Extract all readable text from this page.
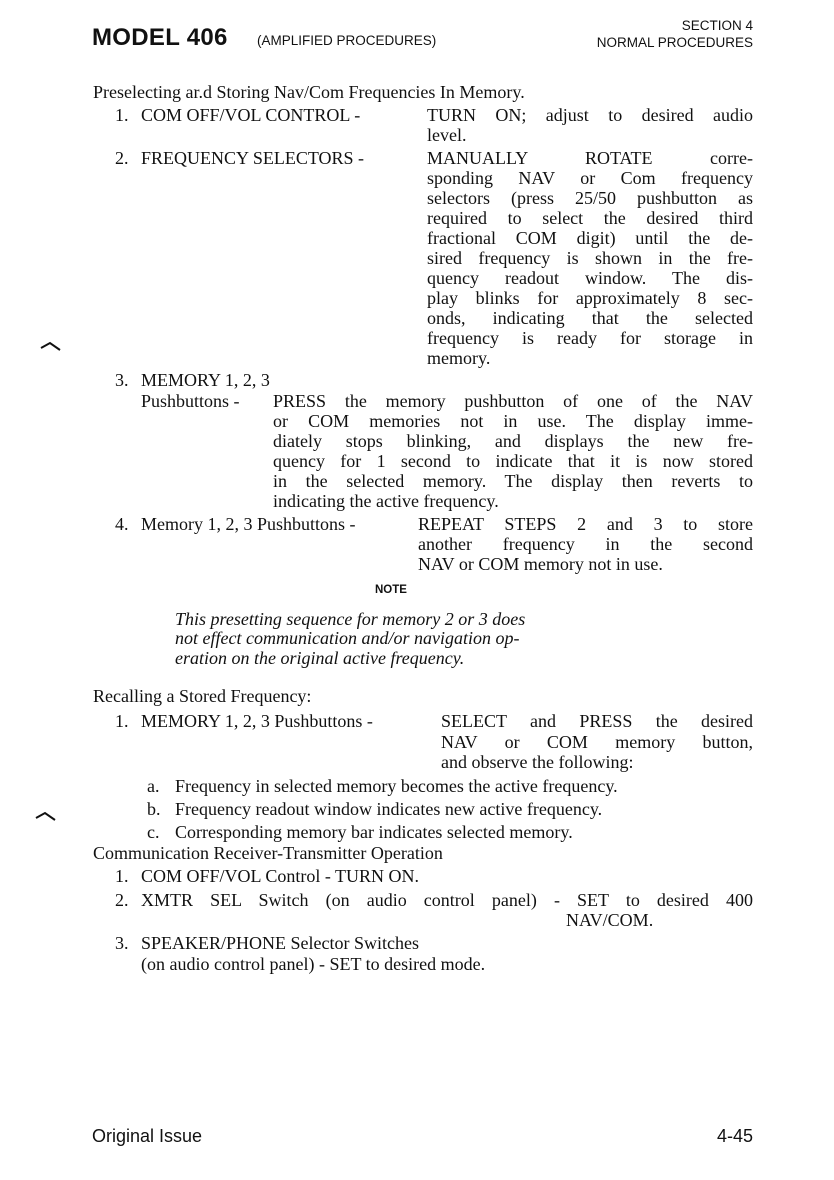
MODEL 406 (AMPLIFIED PROCEDURES)
SECTION 4
NORMAL PROCEDURES
Preselecting ar.d Storing Nav/Com Frequencies In Memory.
1. COM OFF/VOL CONTROL -	TURN ON; adjust to desired audio
level.
2. FREQUENCY SELECTORS -	MANUALLY ROTATE corre-
sponding NAV or Com frequency
selectors (press 25/50 pushbutton as
required to select the desired third
fractional COM digit) until the de-
sired frequency is shown in the fre-
quency readout window. The dis-
play blinks for approximately 8 sec-
onds, indicating that the selected
frequency is ready for storage in
memory.
3. MEMORY 1, 2, 3
Pushbuttons - PRESS the memory pushbutton of one of the NAV
or COM memories not in use. The display imme-
diately stops blinking, and displays the new fre-
quency for 1 second to indicate that it is now stored
in the selected memory. The display then reverts to
indicating the active frequency.
4. Memory 1, 2, 3 Pushbuttons -	REPEAT STEPS 2 and 3 to store
another frequency in the second
NAV or COM memory not in use.
NOTE
This presetting sequence for memory 2 or 3 does
not effect communication and/or navigation op-
eration on the original active frequency.
Recalling a Stored Frequency:
1. MEMORY 1, 2, 3 Pushbuttons -	SELECT and PRESS the desired
NAV or COM memory button,
and observe the following:
a. Frequency in selected memory becomes the active frequency.
b. Frequency readout window indicates new active frequency.
c. Corresponding memory bar indicates selected memory.
Communication Receiver-Transmitter Operation
1. COM OFF/VOL Control - TURN ON.
2. XMTR SEL Switch (on audio control panel) - SET to desired 400
NAV/COM.
3. SPEAKER/PHONE Selector Switches
(on audio control panel) - SET to desired mode.
Original Issue	4-45
